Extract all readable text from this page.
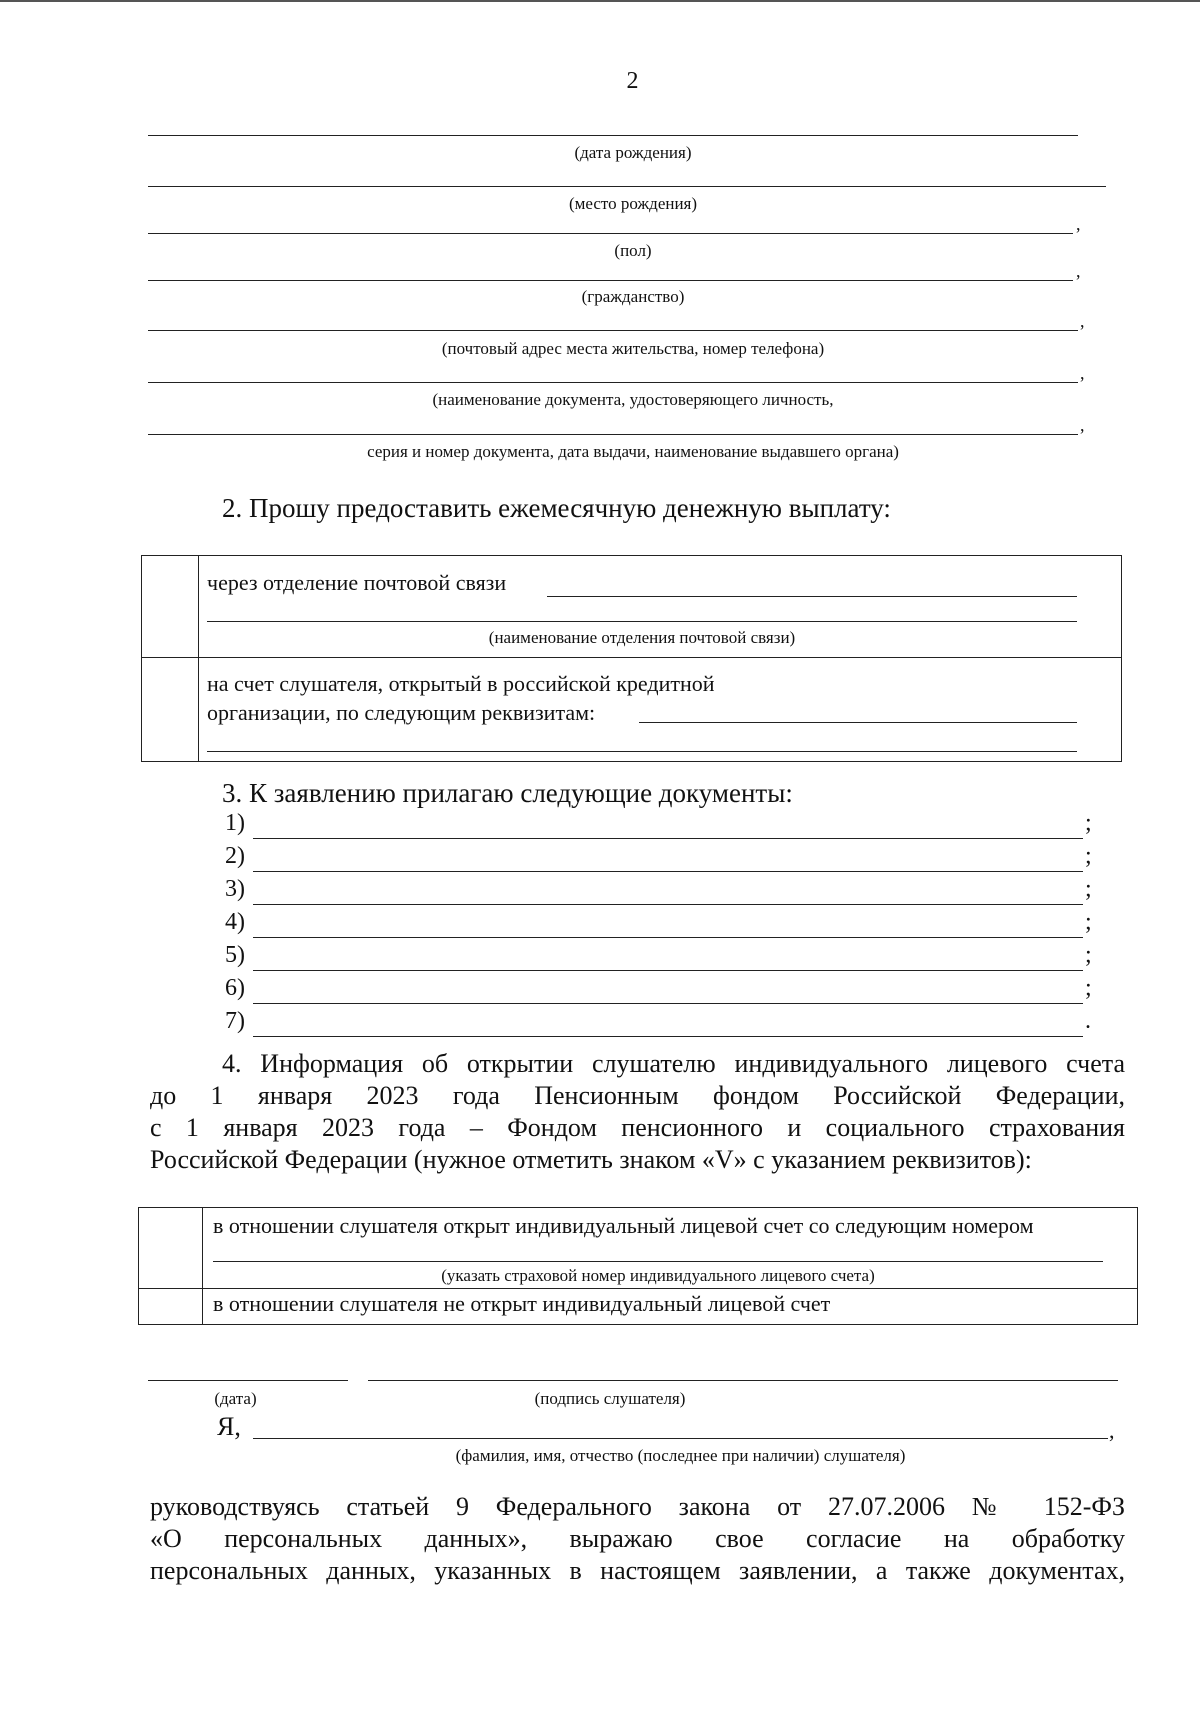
2
(дата рождения)
(место рождения)
,
(пол)
,
(гражданство)
,
(почтовый адрес места жительства, номер телефона)
,
(наименование документа, удостоверяющего личность,
,
серия и номер документа, дата выдачи, наименование выдавшего органа)
2. Прошу предоставить ежемесячную денежную выплату:
через отделение почтовой связи
(наименование отделения почтовой связи)
на счет слушателя, открытый в российской кредитной
организации, по следующим реквизитам:
3. К заявлению прилагаю следующие документы:
1)	;
2)	;
3)	;
4)	;
5)	;
6)	;
7)	.
4. Информация об открытии слушателю индивидуального лицевого счета
до 1 января 2023 года Пенсионным фондом Российской Федерации,
с 1 января 2023 года – Фондом пенсионного и социального страхования
Российской Федерации (нужное отметить знаком «V» с указанием реквизитов):
в отношении слушателя открыт индивидуальный лицевой счет со следующим номером
(указать страховой номер индивидуального лицевого счета)
в отношении слушателя не открыт индивидуальный лицевой счет
(дата)	(подпись слушателя)
Я,	,
(фамилия, имя, отчество (последнее при наличии) слушателя)
руководствуясь статьей 9 Федерального закона от 27.07.2006 № 152-ФЗ
«О персональных данных», выражаю свое согласие на обработку
персональных данных, указанных в настоящем заявлении, а также документах,
